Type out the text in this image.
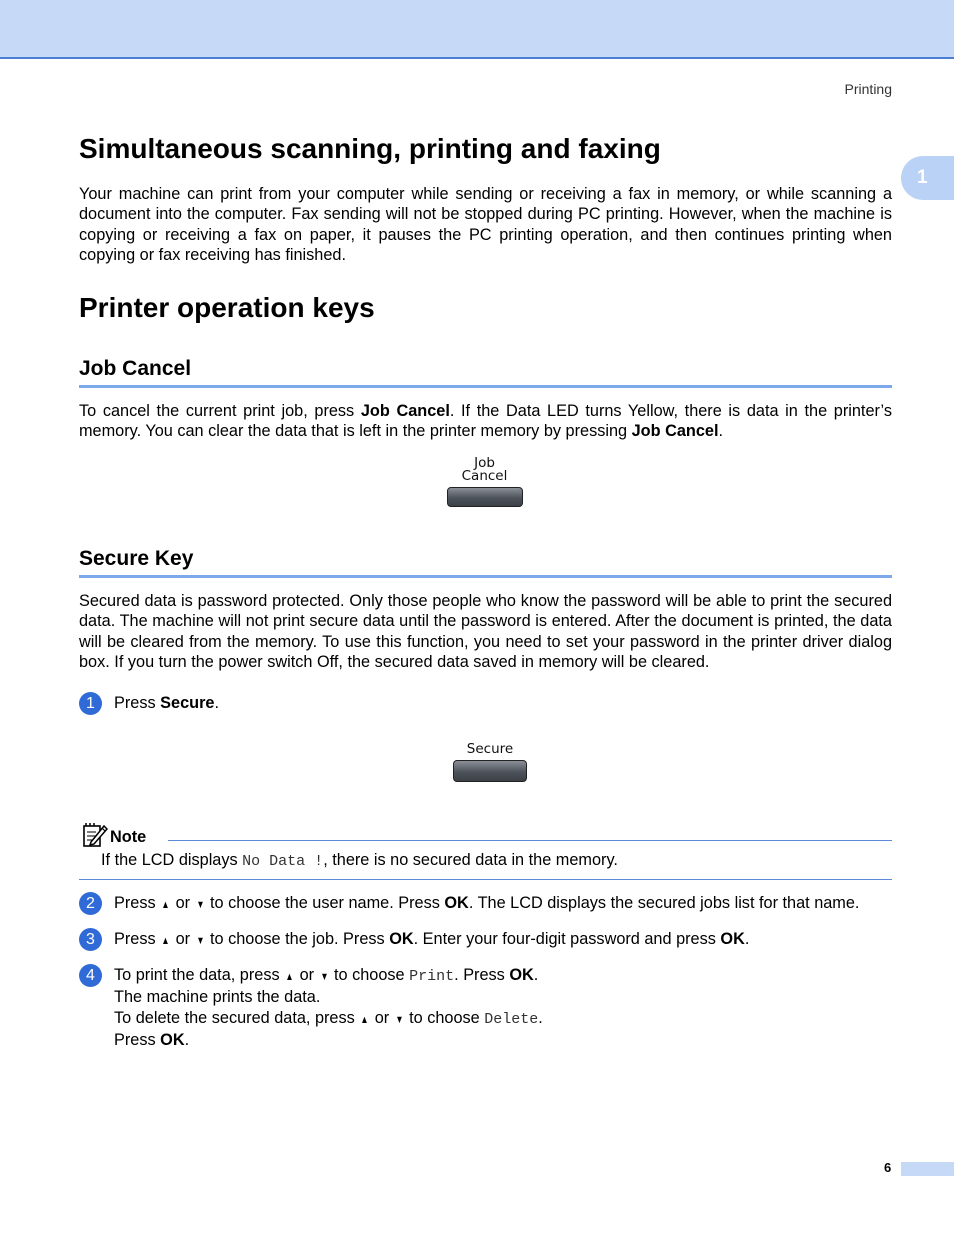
Printing
1
Simultaneous scanning, printing and faxing

Your machine can print from your computer while sending or receiving a fax in memory, or while scanning a document into the computer. Fax sending will not be stopped during PC printing. However, when the machine is copying or receiving a fax on paper, it pauses the PC printing operation, and then continues printing when copying or fax receiving has finished.

Printer operation keys
Job Cancel

To cancel the current print job, press Job Cancel. If the Data LED turns Yellow, there is data in the printer’s memory. You can clear the data that is left in the printer memory by pressing Job Cancel.

Job
Cancel
Secure Key

Secured data is password protected. Only those people who know the password will be able to print the secured data. The machine will not print secure data until the password is entered. After the document is printed, the data will be cleared from the memory. To use this function, you need to set your password in the printer driver dialog box. If you turn the power switch Off, the secured data saved in memory will be cleared.

1	Press Secure.
Secure
Note
If the LCD displays No Data !, there is no secured data in the memory.
2	Press ▲ or ▼ to choose the user name. Press OK. The LCD displays the secured jobs list for that name.
3	Press ▲ or ▼ to choose the job. Press OK. Enter your four-digit password and press OK.
4	To print the data, press ▲ or ▼ to choose Print. Press OK.
The machine prints the data.
To delete the secured data, press ▲ or ▼ to choose Delete.
Press OK.
6
